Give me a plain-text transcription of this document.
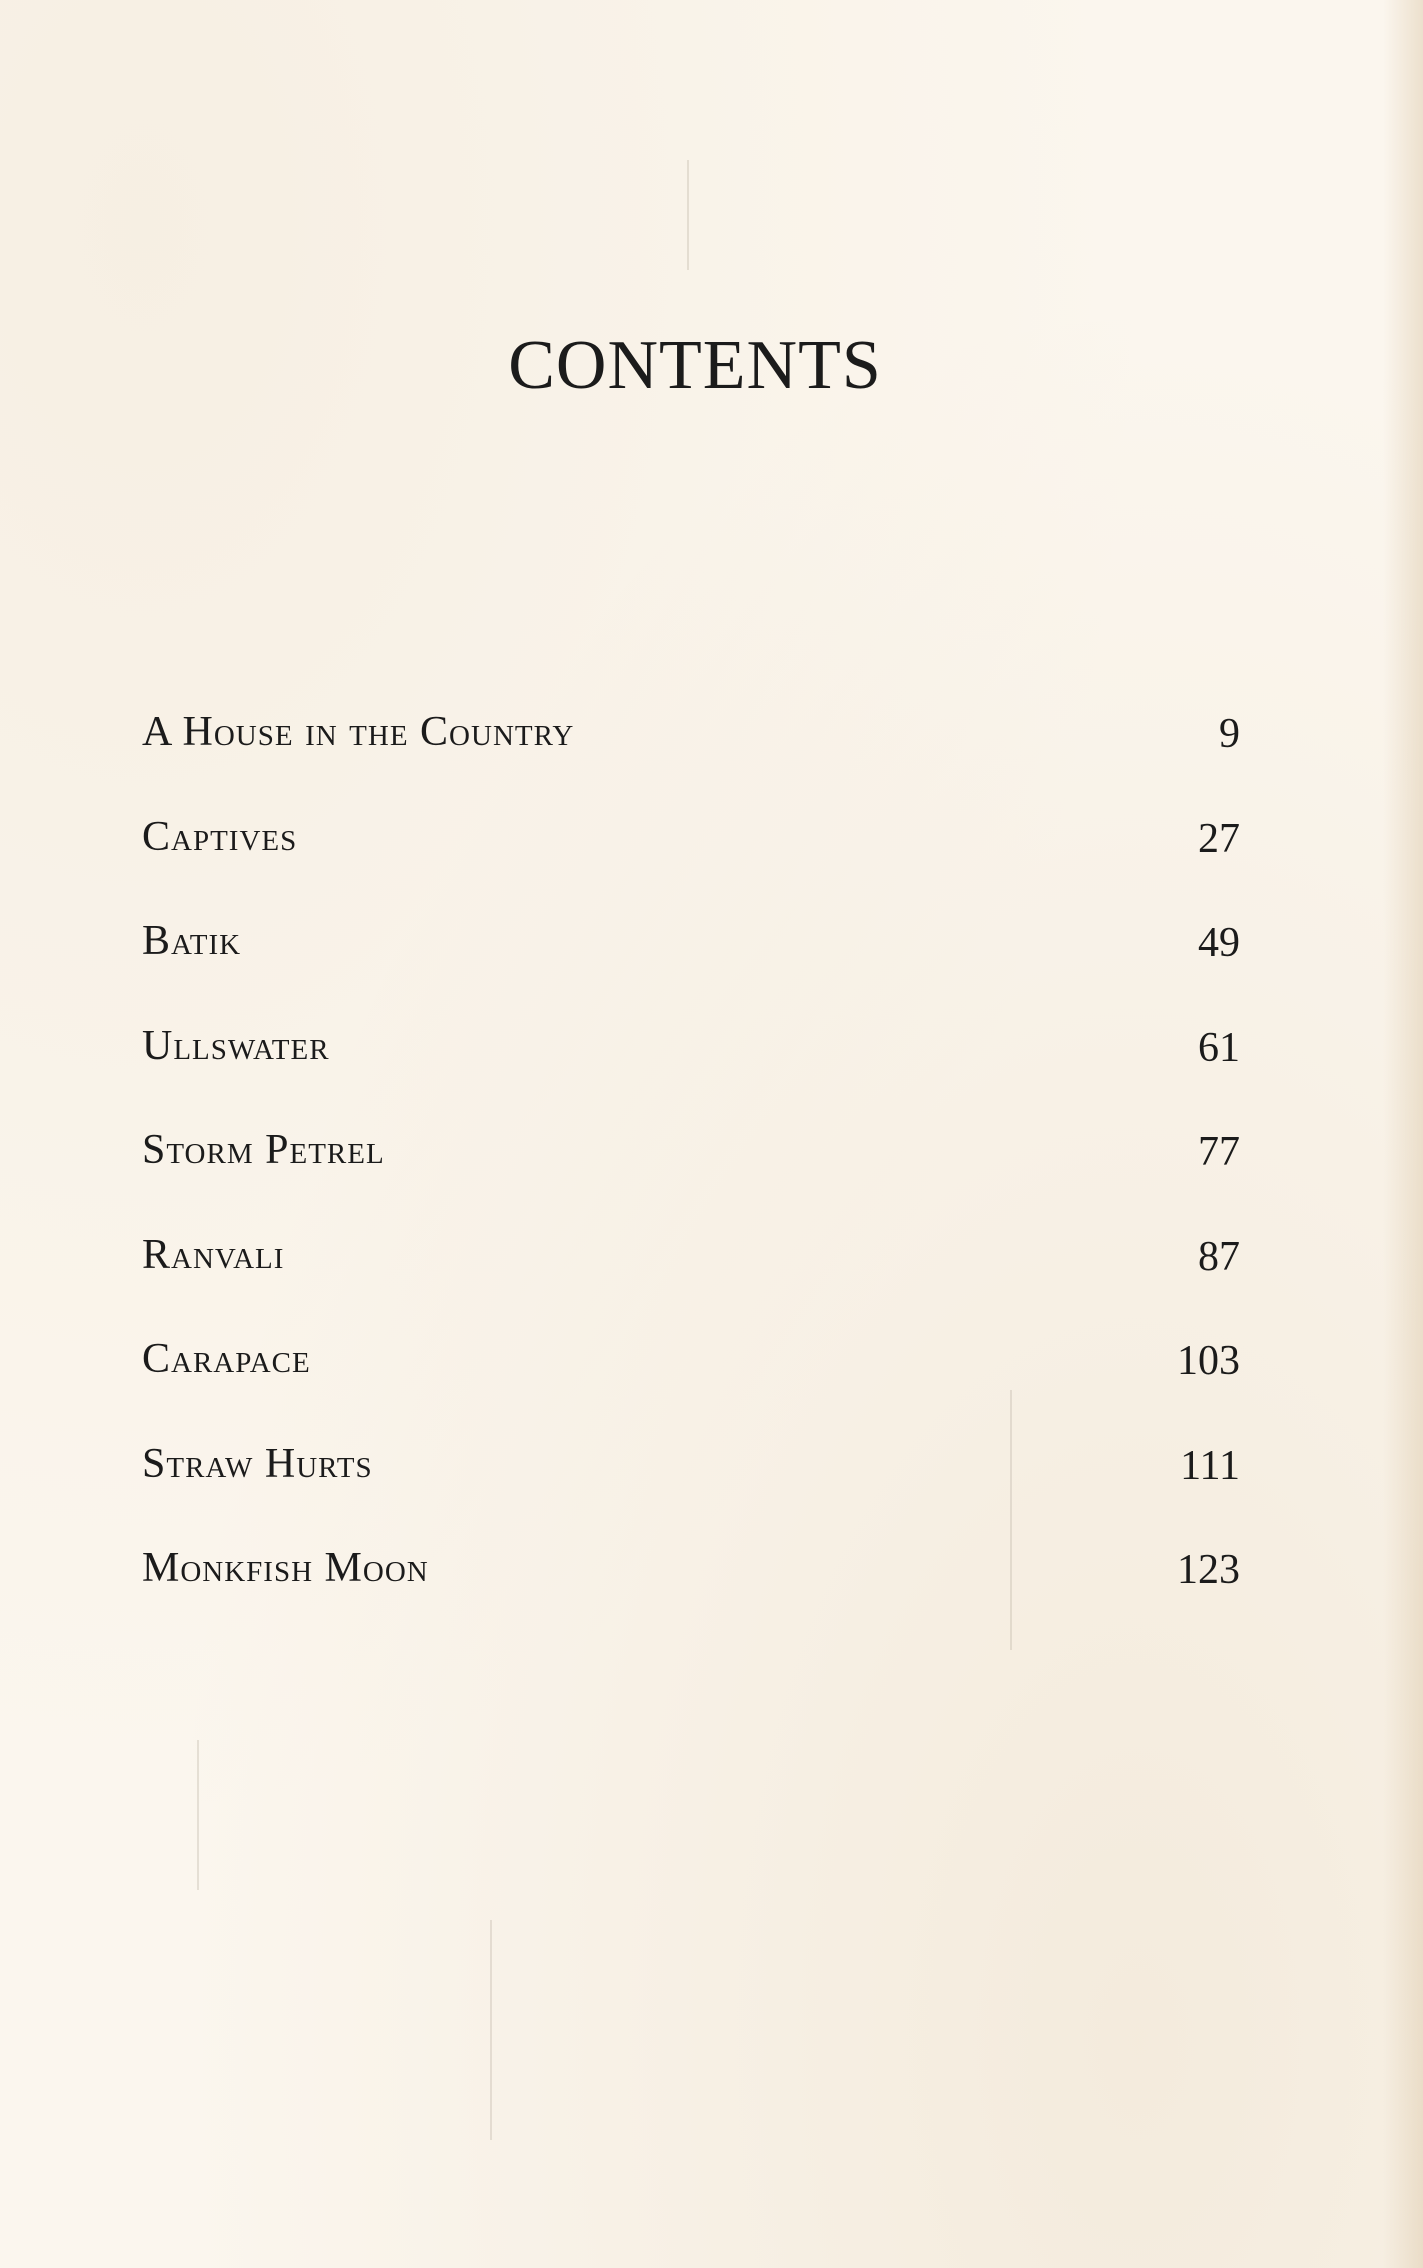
CONTENTS
A House in the Country	9
Captives	27
Batik	49
Ullswater	61
Storm Petrel	77
Ranvali	87
Carapace	103
Straw Hurts	111
Monkfish Moon	123
